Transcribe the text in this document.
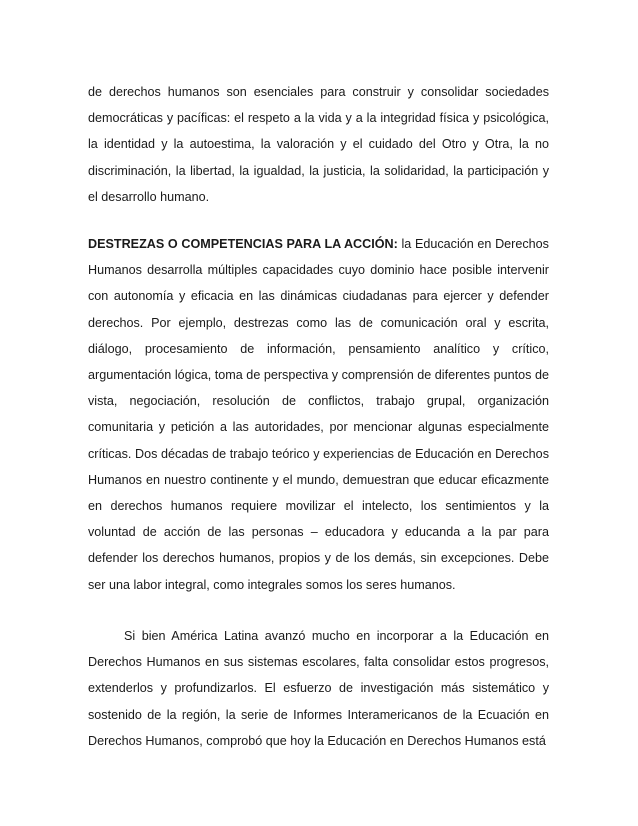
de derechos humanos son esenciales para construir y consolidar sociedades democráticas y pacíficas: el respeto a la vida y a la integridad física y psicológica, la identidad y la autoestima, la valoración y el cuidado del Otro y Otra, la no discriminación, la libertad, la igualdad, la justicia, la solidaridad, la participación y el desarrollo humano.

DESTREZAS O COMPETENCIAS PARA LA ACCIÓN: la Educación en Derechos Humanos desarrolla múltiples capacidades cuyo dominio hace posible intervenir con autonomía y eficacia en las dinámicas ciudadanas para ejercer y defender derechos. Por ejemplo, destrezas como las de comunicación oral y escrita, diálogo, procesamiento de información, pensamiento analítico y crítico, argumentación lógica, toma de perspectiva y comprensión de diferentes puntos de vista, negociación, resolución de conflictos, trabajo grupal, organización comunitaria y petición a las autoridades, por mencionar algunas especialmente críticas. Dos décadas de trabajo teórico y experiencias de Educación en Derechos Humanos en nuestro continente y el mundo, demuestran que educar eficazmente en derechos humanos requiere movilizar el intelecto, los sentimientos y la voluntad de acción de las personas – educadora y educanda a la par para defender los derechos humanos, propios y de los demás, sin excepciones. Debe ser una labor integral, como integrales somos los seres humanos.

Si bien América Latina avanzó mucho en incorporar a la Educación en Derechos Humanos en sus sistemas escolares, falta consolidar estos progresos, extenderlos y profundizarlos. El esfuerzo de investigación más sistemático y sostenido de la región, la serie de Informes Interamericanos de la Ecuación en Derechos Humanos, comprobó que hoy la Educación en Derechos Humanos está
